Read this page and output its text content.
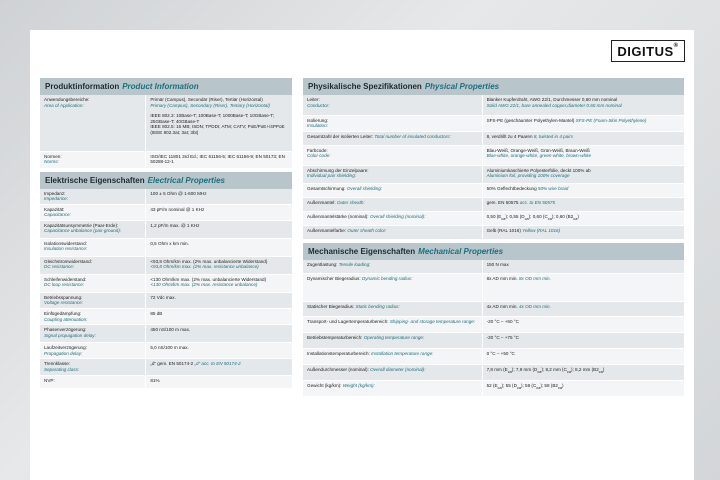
DIGITUS®
Produktinformation Product Information
Anwendungsbereiche:
Area of Application:	Primär (Campus), Secondär (Riser), Tertiär (Horizontal)
Primary (Campus), Secondary (Riser), Tertiary (Horizontal)
IEEE 802.3: 10Base-T; 100Base-T; 1000Base-T; 10GBase-T; 25GBase-T; 40GBase-T
IEEE 802.5: 16 MB; ISDN; TPDDI; ATM; CATV; PoE/PoE+/4PPoE (IEEE 802.3at; 3at; 3bt)

Normen:
Norms:	ISO/IEC 11801 3rd Ed.; IEC 61156-5; IEC 61156-9; EN 50173; EN 50288-12-1
Elektrische Eigenschaften Electrical Properties
Impedanz:
Impedance:	100 ± 5 Ohm @ 1-600 MHz
Kapazität:
Capacitance:	43 pF/m nominal @ 1 KHz
Kapazitätsunsymmetrie (Paar-Erde):
Capacitance unbalance (pair-ground):	1,2 pF/m max. @ 1 KHz
Isolationswiderstand:
Insulation resistance:	0,5 Ohm x km min.
Gleichstromwiderstand:
DC resistance:	<93,8 Ohm/km max. (2% max. unbalancierte Widerstand)
<93,8 Ohm/km max. (2% max. resistance unbalance)

Schleifenwiderstand:
DC loop resistance:	<130 Ohm/km max. (2% max. unbalancierte Widerstand)
<130 Ohm/km max. (2% max. resistance unbalance)

Betriebsspannung:
Voltage resistance:	72 Vdc max.
Einfügedämpfung:
Coupling attenuation:	85 dB
Phasenverzögerung:
Signal propagation delay:	450 nS/100 m max.
Laufzeitverzögerung:
Propagation delay:	5,0 nS/100 m max.
Trennklasse:
Separating class:	„d“ gem. EN 50174-2 „d“ acc. to EN 50174-2
NVP:	81%
Physikalische Spezifikationen Physical Properties
Leiter:
Conductor:	Blanker Kupferdraht, AWG 22/1, Durchmesser 0,60 mm nominal
Solid AWG 22/1, bare annealed copper,diameter 0.60 mm nominal

Isolierung:
Insulation:	SFS-PE (geschäumter Polyethylen-Mantel) SFS-PE (Foam-Skin Polyethylene)
Gesamtzahl der isolierten Leiter: Total number of insulated conductors:	8, verdrillt zu 4 Paaren 8, twisted in 4 pairs
Farbcode:
Color code:	Blau-Weiß, Orange-Weiß, Grün-Weiß, Braun-Weiß
Blue-white, orange-white, green-white, brown-white

Abschirmung der Einzelpaare:
Individual pair shielding:	Aluminiumkaschierte Polyesterfolie, deckt 100% ab
Aluminium foil, providing 100% coverage

Gesamtschirmung: Overall shielding:	50% Geflechtbedeckung 50% wire braid
Außenmantel: Outer sheath:	gem. EN 50575 acc. to EN 50575
Außenmantelstärke (nominal): Overall shielding (nominal):	0,50 $(E_{ca})$; 0,55 $(D_{ca})$; 0,60 $(C_{ca})$; 0,60 $(B2_{ca})$
Außenmantelfarbe: Outer sheath color:	Gelb (RAL 1016) Yellow (RAL 1016)
Mechanische Eigenschaften Mechanical Properties
Zugentlastung: Tensile loading:	150 N max
Dynamischer Biegeradius: Dynamic bending radius:	8x AD mm min. 8x OD mm min.
Statischer Biegeradius: Static bending radius:	4x AD mm min. 4x OD mm min.
Transport- und Lagertemperaturbereich: Shipping- and storage temperature range:	-20 °C – +60 °C
Betriebstemperaturbereich: Operating temperature range:	-20 °C – +75 °C
Installationstemperaturbereich: Installation temperature range:	0 °C – +50 °C
Außendurchmesser (nominal): Overall diameter (nominal):	7,8 mm $(E_{ca})$; 7,9 mm $(D_{ca})$; 8,2 mm $(C_{ca})$; 8,2 mm $(B2_{ca})$
Gewicht (kg/km): Weight (kg/km):	52 $(E_{ca})$; 55 $(D_{ca})$; 58 $(C_{ca})$; 58 $(B2_{ca})$
